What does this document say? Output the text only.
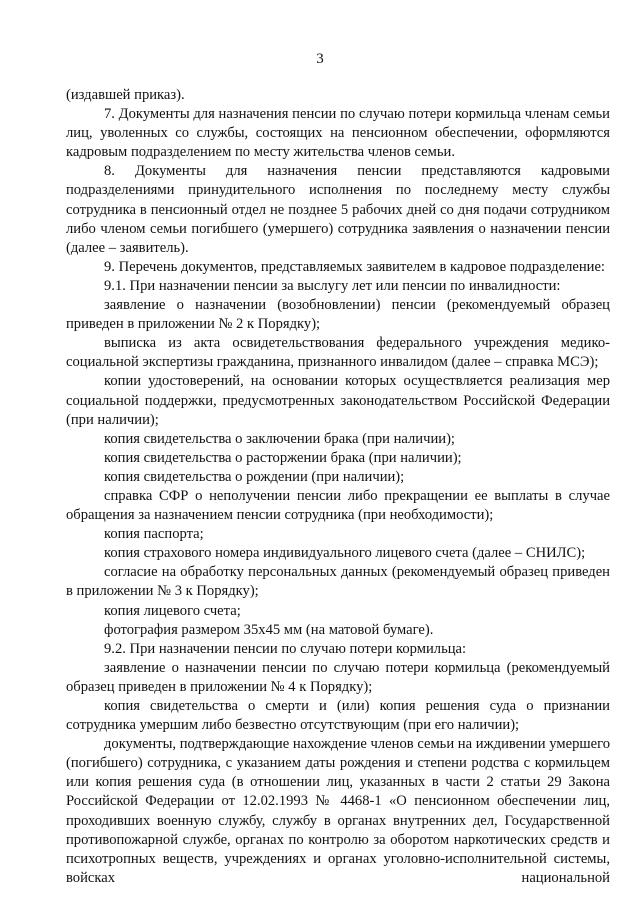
3

(издавшей приказ).

7. Документы для назначения пенсии по случаю потери кормильца членам семьи лиц, уволенных со службы, состоящих на пенсионном обеспечении, оформляются кадровым подразделением по месту жительства членов семьи.

8. Документы для назначения пенсии представляются кадровыми подразделениями принудительного исполнения по последнему месту службы сотрудника в пенсионный отдел не позднее 5 рабочих дней со дня подачи сотрудником либо членом семьи погибшего (умершего) сотрудника заявления о назначении пенсии (далее – заявитель).

9. Перечень документов, представляемых заявителем в кадровое подразделение:

9.1. При назначении пенсии за выслугу лет или пенсии по инвалидности:

заявление о назначении (возобновлении) пенсии (рекомендуемый образец приведен в приложении № 2 к Порядку);

выписка из акта освидетельствования федерального учреждения медико-социальной экспертизы гражданина, признанного инвалидом (далее – справка МСЭ);

копии удостоверений, на основании которых осуществляется реализация мер социальной поддержки, предусмотренных законодательством Российской Федерации (при наличии);

копия свидетельства о заключении брака (при наличии);

копия свидетельства о расторжении брака (при наличии);

копия свидетельства о рождении (при наличии);

справка СФР о неполучении пенсии либо прекращении ее выплаты в случае обращения за назначением пенсии сотрудника (при необходимости);

копия паспорта;

копия страхового номера индивидуального лицевого счета (далее – СНИЛС);

согласие на обработку персональных данных (рекомендуемый образец приведен в приложении № 3 к Порядку);

копия лицевого счета;

фотография размером 35х45 мм (на матовой бумаге).

9.2. При назначении пенсии по случаю потери кормильца:

заявление о назначении пенсии по случаю потери кормильца (рекомендуемый образец приведен в приложении № 4 к Порядку);

копия свидетельства о смерти и (или) копия решения суда о признании сотрудника умершим либо безвестно отсутствующим (при его наличии);

документы, подтверждающие нахождение членов семьи на иждивении умершего (погибшего) сотрудника, с указанием даты рождения и степени родства с кормильцем или копия решения суда (в отношении лиц, указанных в части 2 статьи 29 Закона Российской Федерации от 12.02.1993 № 4468-1 «О пенсионном обеспечении лиц, проходивших военную службу, службу в органах внутренних дел, Государственной противопожарной службе, органах по контролю за оборотом наркотических средств и психотропных веществ, учреждениях и органах уголовно-исполнительной системы, войсках национальной
